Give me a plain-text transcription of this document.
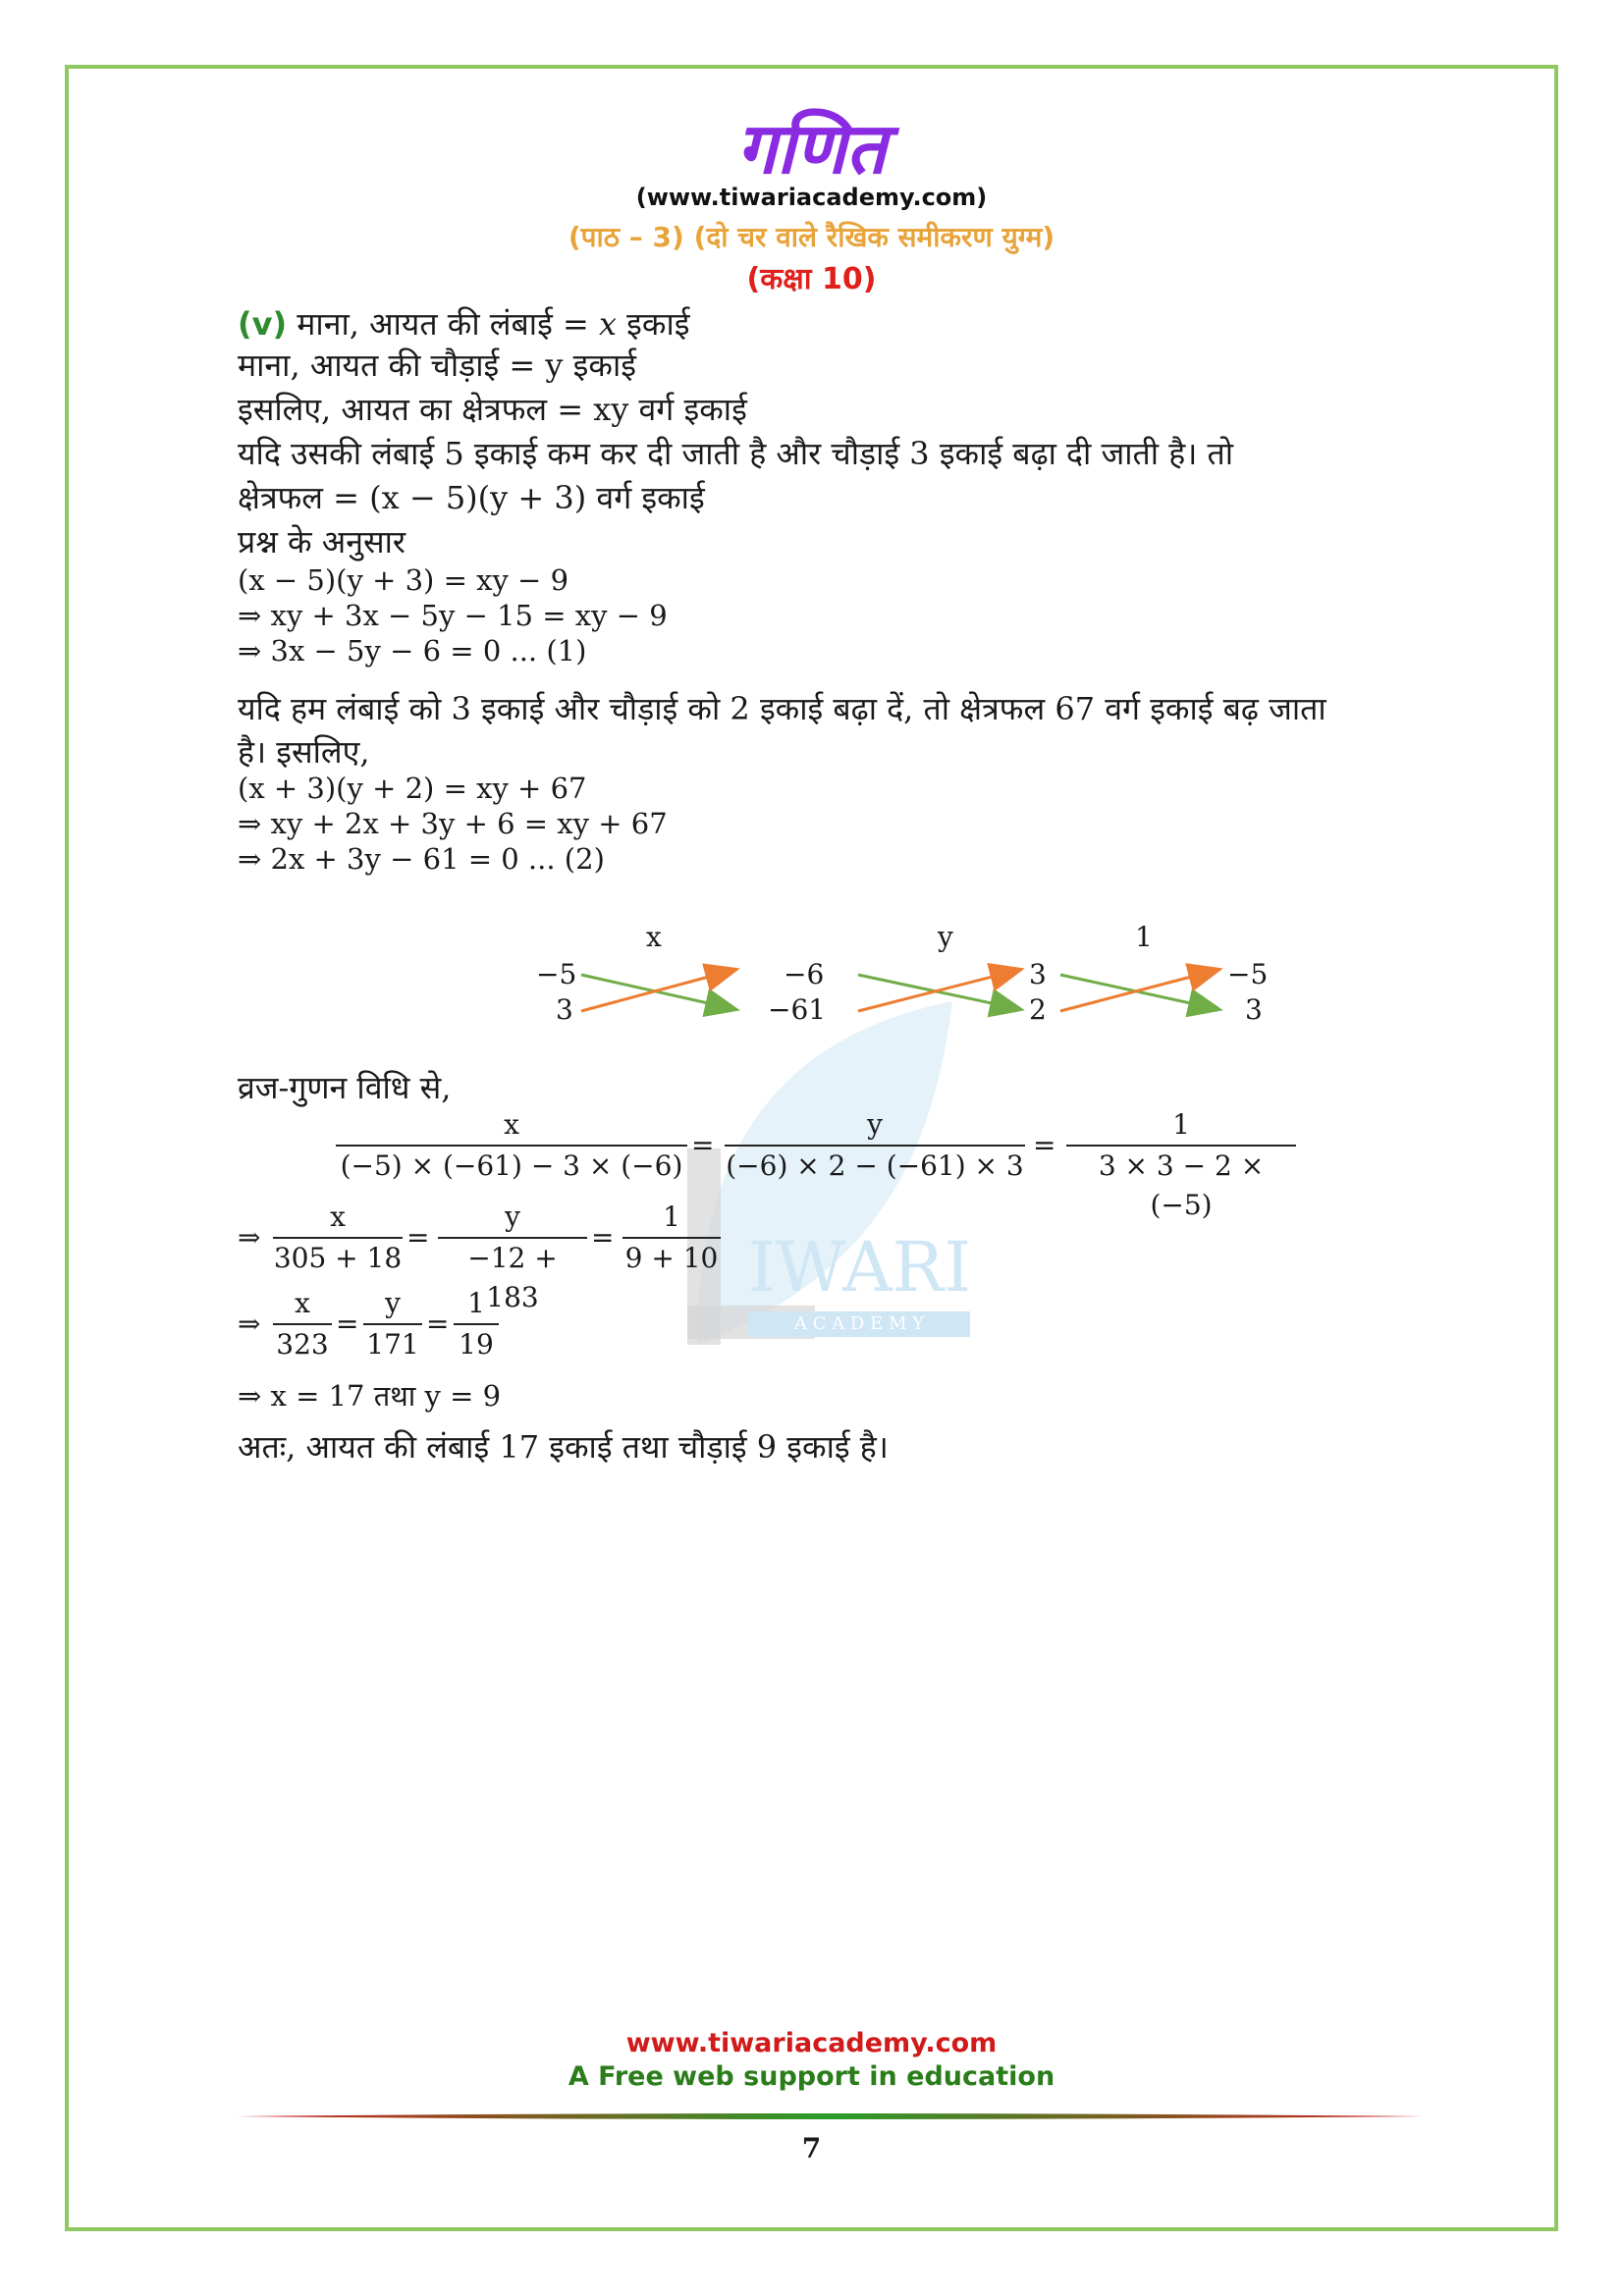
IWARI
A C A D E M Y
गणित
(www.tiwariacademy.com)
(पाठ – 3) (दो चर वाले रैखिक समीकरण युग्म)
(कक्षा 10)
(v) माना, आयत की लंबाई = x इकाई
माना, आयत की चौड़ाई = y इकाई
इसलिए, आयत का क्षेत्रफल = xy वर्ग इकाई
यदि उसकी लंबाई 5 इकाई कम कर दी जाती है और चौड़ाई 3 इकाई बढ़ा दी जाती है। तो
क्षेत्रफल = (x − 5)(y + 3) वर्ग इकाई
प्रश्न के अनुसार
(x − 5)(y + 3) = xy − 9
⇒ xy + 3x − 5y − 15 = xy − 9
⇒ 3x − 5y − 6 = 0 ... (1)
यदि हम लंबाई को 3 इकाई और चौड़ाई को 2 इकाई बढ़ा दें, तो क्षेत्रफल 67 वर्ग इकाई बढ़ जाता
है। इसलिए,
(x + 3)(y + 2) = xy + 67
⇒ xy + 2x + 3y + 6 = xy + 67
⇒ 2x + 3y − 61 = 0 ... (2)
x	y	1
−5
3
−6
−61
3
2
−5
3
व्रज-गुणन विधि से,
$\frac{x}{(-5) \times (-61) - 3 \times (-6)} = \frac{y}{(-6) \times 2 - (-61) \times 3} = \frac{1}{3 \times 3 - 2 \times (-5)}$
⇒ $\frac{x}{305 + 18} = \frac{y}{-12 + 183} = \frac{1}{9 + 10}$
⇒ $\frac{x}{323} = \frac{y}{171} = \frac{1}{19}$
⇒ x = 17 तथा y = 9
अतः, आयत की लंबाई 17 इकाई तथा चौड़ाई 9 इकाई है।
www.tiwariacademy.com
A Free web support in education
7
